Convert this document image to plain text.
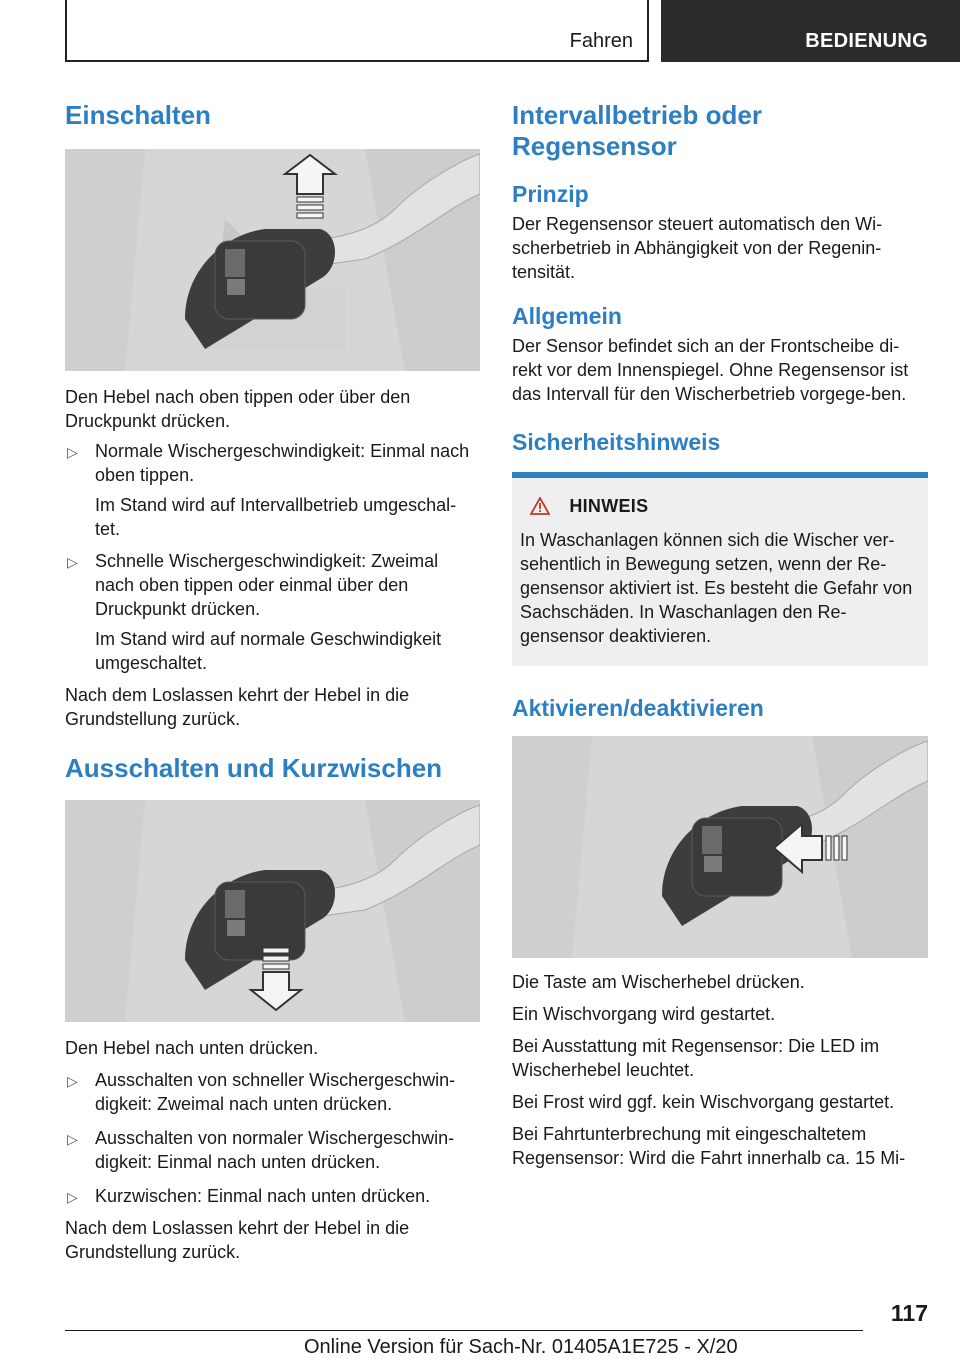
Fahren	BEDIENUNG
Einschalten

Den Hebel nach oben tippen oder über den Druckpunkt drücken.

▷ Normale Wischergeschwindigkeit: Einmal nach oben tippen.
Im Stand wird auf Intervallbetrieb umgeschal-tet.
▷ Schnelle Wischergeschwindigkeit: Zweimal nach oben tippen oder einmal über den Druckpunkt drücken.
Im Stand wird auf normale Geschwindigkeit umgeschaltet.

Nach dem Loslassen kehrt der Hebel in die Grundstellung zurück.

Ausschalten und Kurzwischen

Den Hebel nach unten drücken.

▷ Ausschalten von schneller Wischergeschwin-digkeit: Zweimal nach unten drücken.
▷ Ausschalten von normaler Wischergeschwin-digkeit: Einmal nach unten drücken.
▷ Kurzwischen: Einmal nach unten drücken.

Nach dem Loslassen kehrt der Hebel in die Grundstellung zurück.

Intervallbetrieb oder Regensensor
Prinzip

Der Regensensor steuert automatisch den Wi-scherbetrieb in Abhängigkeit von der Regenin-tensität.

Allgemein

Der Sensor befindet sich an der Frontscheibe di-rekt vor dem Innenspiegel. Ohne Regensensor ist das Intervall für den Wischerbetrieb vorgege-ben.

Sicherheitshinweis
HINWEIS
In Waschanlagen können sich die Wischer ver-sehentlich in Bewegung setzen, wenn der Re-gensensor aktiviert ist. Es besteht die Gefahr von Sachschäden. In Waschanlagen den Re-gensensor deaktivieren.
Aktivieren/deaktivieren

Die Taste am Wischerhebel drücken.

Ein Wischvorgang wird gestartet.

Bei Ausstattung mit Regensensor: Die LED im Wischerhebel leuchtet.

Bei Frost wird ggf. kein Wischvorgang gestartet.

Bei Fahrtunterbrechung mit eingeschaltetem Regensensor: Wird die Fahrt innerhalb ca. 15 Mi-

117
Online Version für Sach-Nr. 01405A1E725 - X/20
